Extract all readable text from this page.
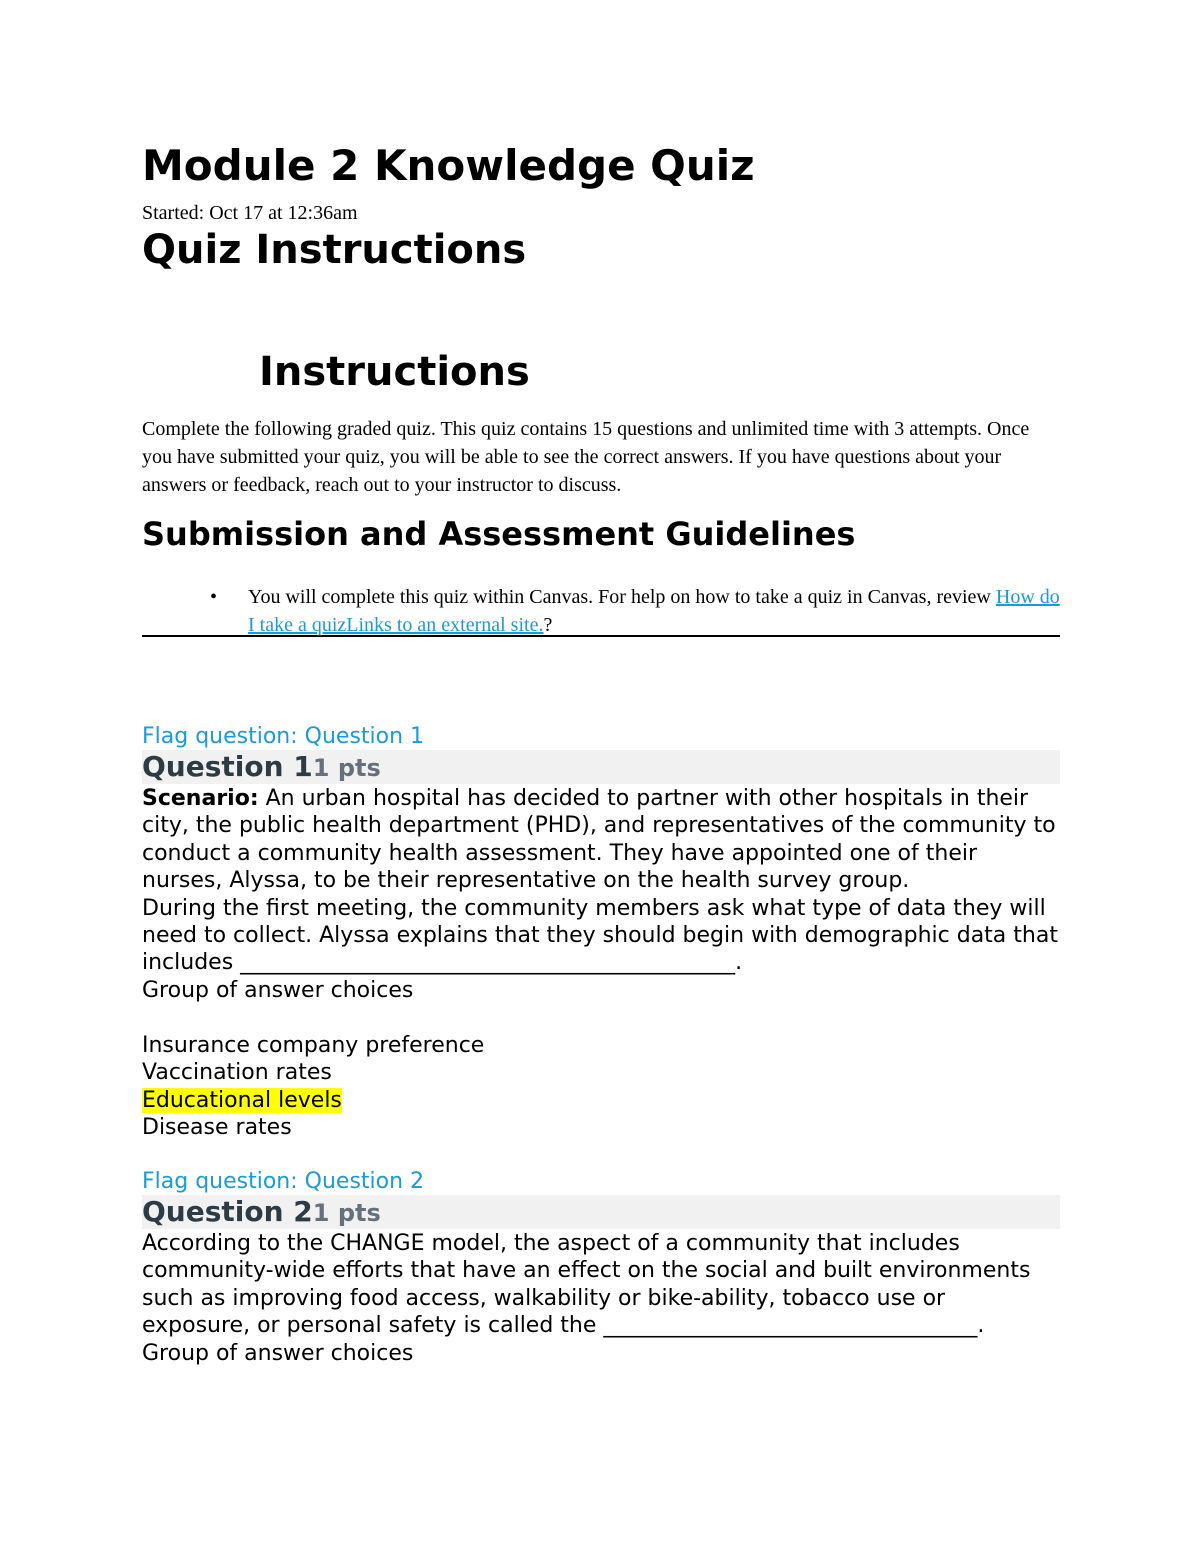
Module 2 Knowledge Quiz

Started: Oct 17 at 12:36am

Quiz Instructions
Instructions

Complete the following graded quiz. This quiz contains 15 questions and unlimited time with 3 attempts. Once you have submitted your quiz, you will be able to see the correct answers. If you have questions about your answers or feedback, reach out to your instructor to discuss.

Submission and Assessment Guidelines
• You will complete this quiz within Canvas. For help on how to take a quiz in Canvas, review How do I take a quizLinks to an external site.?

Flag question: Question 1

Question 11 pts

Scenario: An urban hospital has decided to partner with other hospitals in their city, the public health department (PHD), and representatives of the community to conduct a community health assessment. They have appointed one of their nurses, Alyssa, to be their representative on the health survey group.
During the first meeting, the community members ask what type of data they will need to collect. Alyssa explains that they should begin with demographic data that includes _____________________________________________.
Group of answer choices
Insurance company preference
Vaccination rates
Educational levels
Disease rates

Flag question: Question 2

Question 21 pts

According to the CHANGE model, the aspect of a community that includes community-wide efforts that have an effect on the social and built environments such as improving food access, walkability or bike-ability, tobacco use or exposure, or personal safety is called the __________________________________.
Group of answer choices
